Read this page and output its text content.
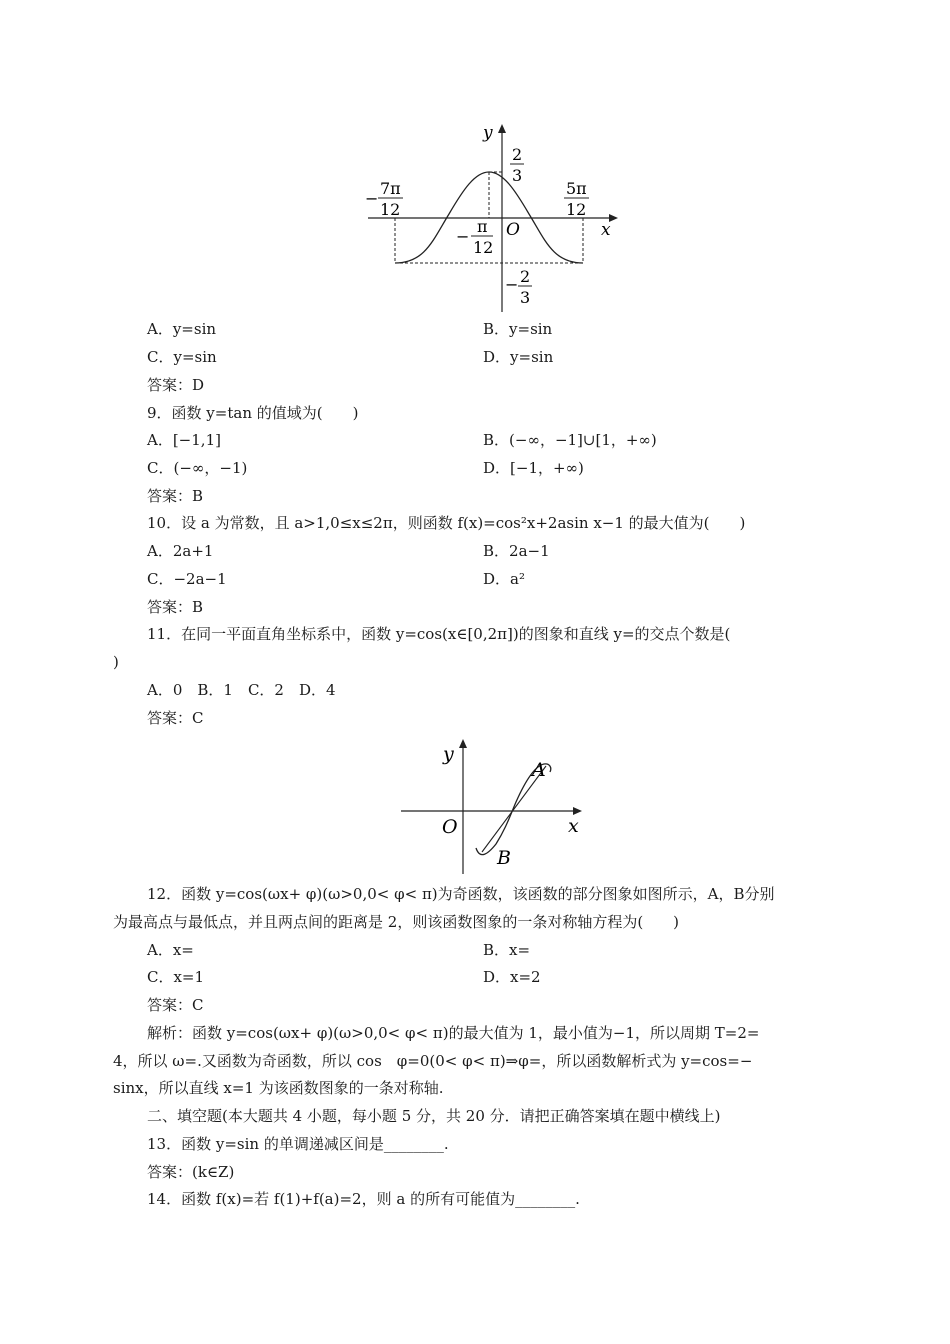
y
x
O
2
3
− 2
3
−
7π
12
5π
12
−
π
12
A．y=sin	B．y=sin
C．y=sin	D．y=sin
答案：D
9．函数 y=tan 的值域为(　　)
A．[−1,1]	B．(−∞，−1]∪[1，+∞)
C．(−∞，−1)	D．[−1，+∞)
答案：B
10．设 a 为常数，且 a>1,0≤x≤2π，则函数 f(x)=cos²x+2asin x−1 的最大值为(　　)
A．2a+1	B．2a−1
C．−2a−1	D．a²
答案：B
11．在同一平面直角坐标系中，函数 y=cos(x∈[0,2π])的图象和直线 y=的交点个数是(
)
A．0　B．1　C．2　D．4
答案：C
y
x
O
A
B
12．函数 y=cos(ωx+ φ)(ω>0,0< φ< π)为奇函数，该函数的部分图象如图所示，A，B分别
为最高点与最低点，并且两点间的距离是 2，则该函数图象的一条对称轴方程为(　　)
A．x=	B．x=
C．x=1	D．x=2
答案：C
解析：函数 y=cos(ωx+ φ)(ω>0,0< φ< π)的最大值为 1，最小值为−1，所以周期 T=2=
4，所以 ω=.又函数为奇函数，所以 cos　φ=0(0< φ< π)⇒φ=，所以函数解析式为 y=cos=−
sinx，所以直线 x=1 为该函数图象的一条对称轴.
二、填空题(本大题共 4 小题，每小题 5 分，共 20 分．请把正确答案填在题中横线上)
13．函数 y=sin 的单调递减区间是________.
答案：(k∈Z)
14．函数 f(x)=若 f(1)+f(a)=2，则 a 的所有可能值为________.
